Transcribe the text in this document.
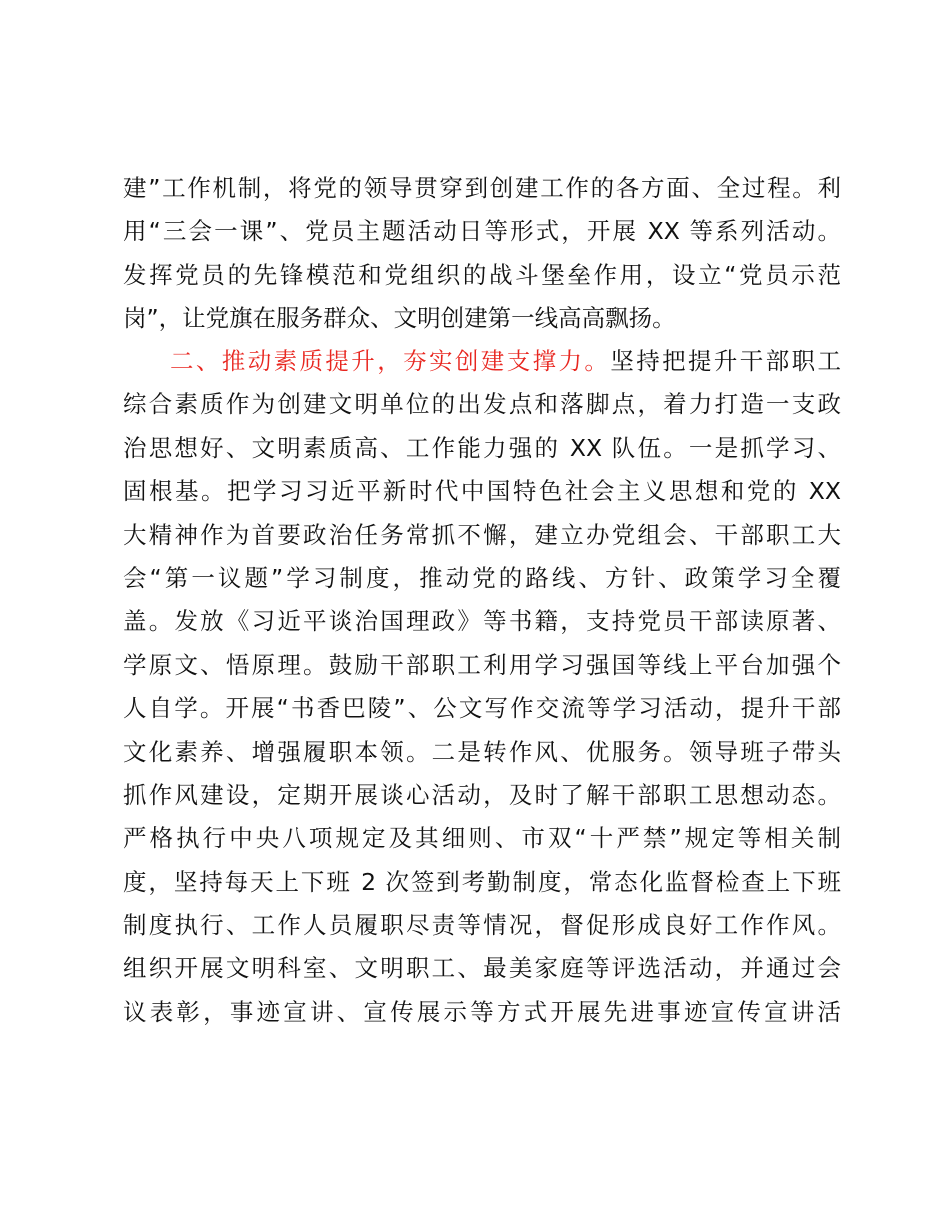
建”工作机制，将党的领导贯穿到创建工作的各方面、全过程。利
用“三会一课”、党员主题活动日等形式，开展 XX 等系列活动。
发挥党员的先锋模范和党组织的战斗堡垒作用，设立“党员示范
岗”，让党旗在服务群众、文明创建第一线高高飘扬。
二、推动素质提升，夯实创建支撑力。坚持把提升干部职工
综合素质作为创建文明单位的出发点和落脚点，着力打造一支政
治思想好、文明素质高、工作能力强的 XX 队伍。一是抓学习、
固根基。把学习习近平新时代中国特色社会主义思想和党的 XX
大精神作为首要政治任务常抓不懈，建立办党组会、干部职工大
会“第一议题”学习制度，推动党的路线、方针、政策学习全覆
盖。发放《习近平谈治国理政》等书籍，支持党员干部读原著、
学原文、悟原理。鼓励干部职工利用学习强国等线上平台加强个
人自学。开展“书香巴陵”、公文写作交流等学习活动，提升干部
文化素养、增强履职本领。二是转作风、优服务。领导班子带头
抓作风建设，定期开展谈心活动，及时了解干部职工思想动态。
严格执行中央八项规定及其细则、市双“十严禁”规定等相关制
度，坚持每天上下班 2 次签到考勤制度，常态化监督检查上下班
制度执行、工作人员履职尽责等情况，督促形成良好工作作风。
组织开展文明科室、文明职工、最美家庭等评选活动，并通过会
议表彰，事迹宣讲、宣传展示等方式开展先进事迹宣传宣讲活
